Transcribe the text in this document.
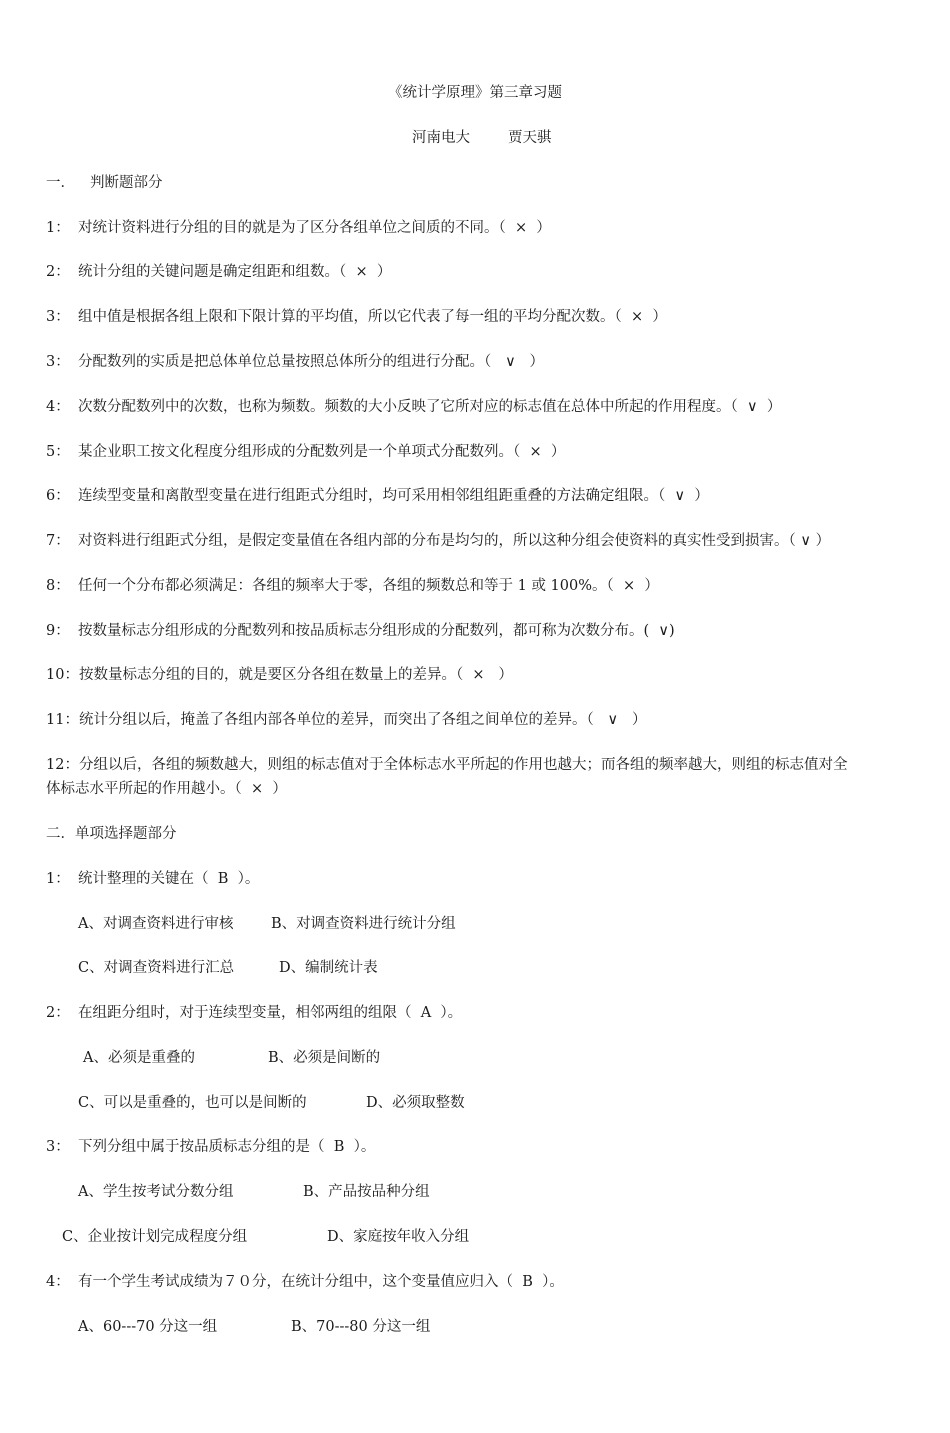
《统计学原理》第三章习题
河南电大	贾天骐
一． 判断题部分
1： 对统计资料进行分组的目的就是为了区分各组单位之间质的不同。（ × ）
2： 统计分组的关键问题是确定组距和组数。（ × ）
3： 组中值是根据各组上限和下限计算的平均值，所以它代表了每一组的平均分配次数。（ × ）
3： 分配数列的实质是把总体单位总量按照总体所分的组进行分配。（ ∨ ）
4： 次数分配数列中的次数，也称为频数。频数的大小反映了它所对应的标志值在总体中所起的作用程度。（ ∨ ）
5： 某企业职工按文化程度分组形成的分配数列是一个单项式分配数列。（ × ）
6： 连续型变量和离散型变量在进行组距式分组时，均可采用相邻组组距重叠的方法确定组限。（ ∨ ）
7： 对资料进行组距式分组，是假定变量值在各组内部的分布是均匀的，所以这种分组会使资料的真实性受到损害。（ ∨ ）
8： 任何一个分布都必须满足：各组的频率大于零，各组的频数总和等于 1 或 100%。（ × ）
9： 按数量标志分组形成的分配数列和按品质标志分组形成的分配数列，都可称为次数分布。( ∨)
10：按数量标志分组的目的，就是要区分各组在数量上的差异。（ × ）
11：统计分组以后，掩盖了各组内部各单位的差异，而突出了各组之间单位的差异。（ ∨ ）
12：分组以后，各组的频数越大，则组的标志值对于全体标志水平所起的作用也越大；而各组的频率越大，则组的标志值对全
体标志水平所起的作用越小。（ × ）
二．单项选择题部分
1： 统计整理的关键在（ B ）。
A、对调查资料进行审核	B、对调查资料进行统计分组
C、对调查资料进行汇总	D、编制统计表
2： 在组距分组时，对于连续型变量，相邻两组的组限（ A ）。
A、必须是重叠的	B、必须是间断的
C、可以是重叠的，也可以是间断的	D、必须取整数
3： 下列分组中属于按品质标志分组的是（ B ）。
A、学生按考试分数分组	B、产品按品种分组
C、企业按计划完成程度分组	D、家庭按年收入分组
4： 有一个学生考试成绩为７０分，在统计分组中，这个变量值应归入（ B ）。
A、60---70 分这一组	B、70---80 分这一组
